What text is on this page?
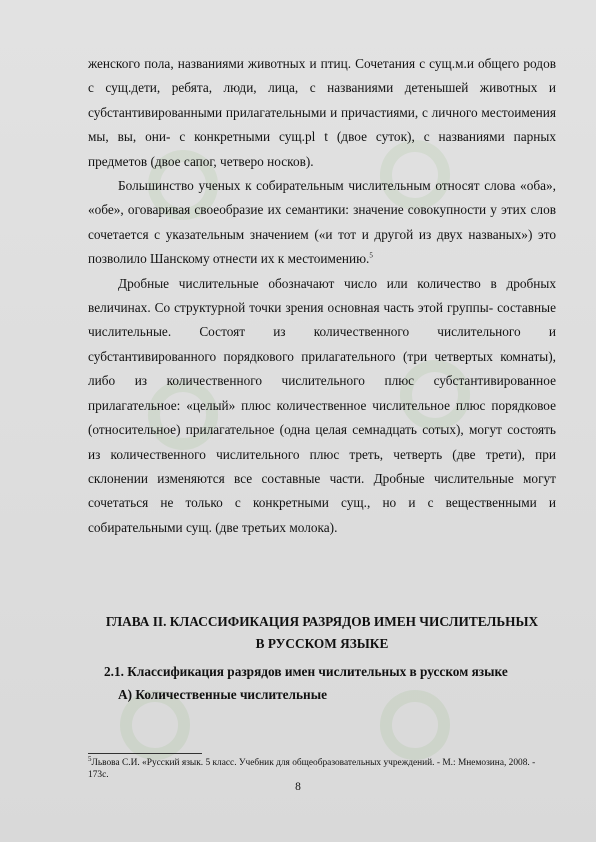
женского пола, названиями животных и птиц. Сочетания с сущ.м.и общего родов с сущ.дети, ребята, люди, лица, с названиями детенышей животных и субстантивированными прилагательными и причастиями, с личного местоимения мы, вы, они- с конкретными сущ.pl t (двое суток), с названиями парных предметов (двое сапог, четверо носков).

Большинство ученых к собирательным числительным относят слова «оба», «обе», оговаривая своеобразие их семантики: значение совокупности у этих слов сочетается с указательным значением («и тот и другой из двух названых») это позволило Шанскому отнести их к местоимению.$^5$

Дробные числительные обозначают число или количество в дробных величинах. Со структурной точки зрения основная часть этой группы- составные числительные. Состоят из количественного числительного и субстантивированного порядкового прилагательного (три четвертых комнаты), либо из количественного числительного плюс субстантивированное прилагательное: «целый» плюс количественное числительное плюс порядковое (относительное) прилагательное (одна целая семнадцать сотых), могут состоять из количественного числительного плюс треть, четверть (две трети), при склонении изменяются все составные части. Дробные числительные могут сочетаться не только с конкретными сущ., но и с вещественными и собирательными сущ. (две третьих молока).

ГЛАВА II. КЛАССИФИКАЦИЯ РАЗРЯДОВ ИМЕН ЧИСЛИТЕЛЬНЫХ
В РУССКОМ ЯЗЫКЕ
2.1. Классификация разрядов имен числительных в русском языке
А) Количественные числительные
$^5$Львова С.И. «Русский язык. 5 класс. Учебник для общеобразовательных учреждений. - М.: Мнемозина, 2008. - 173с.
8
